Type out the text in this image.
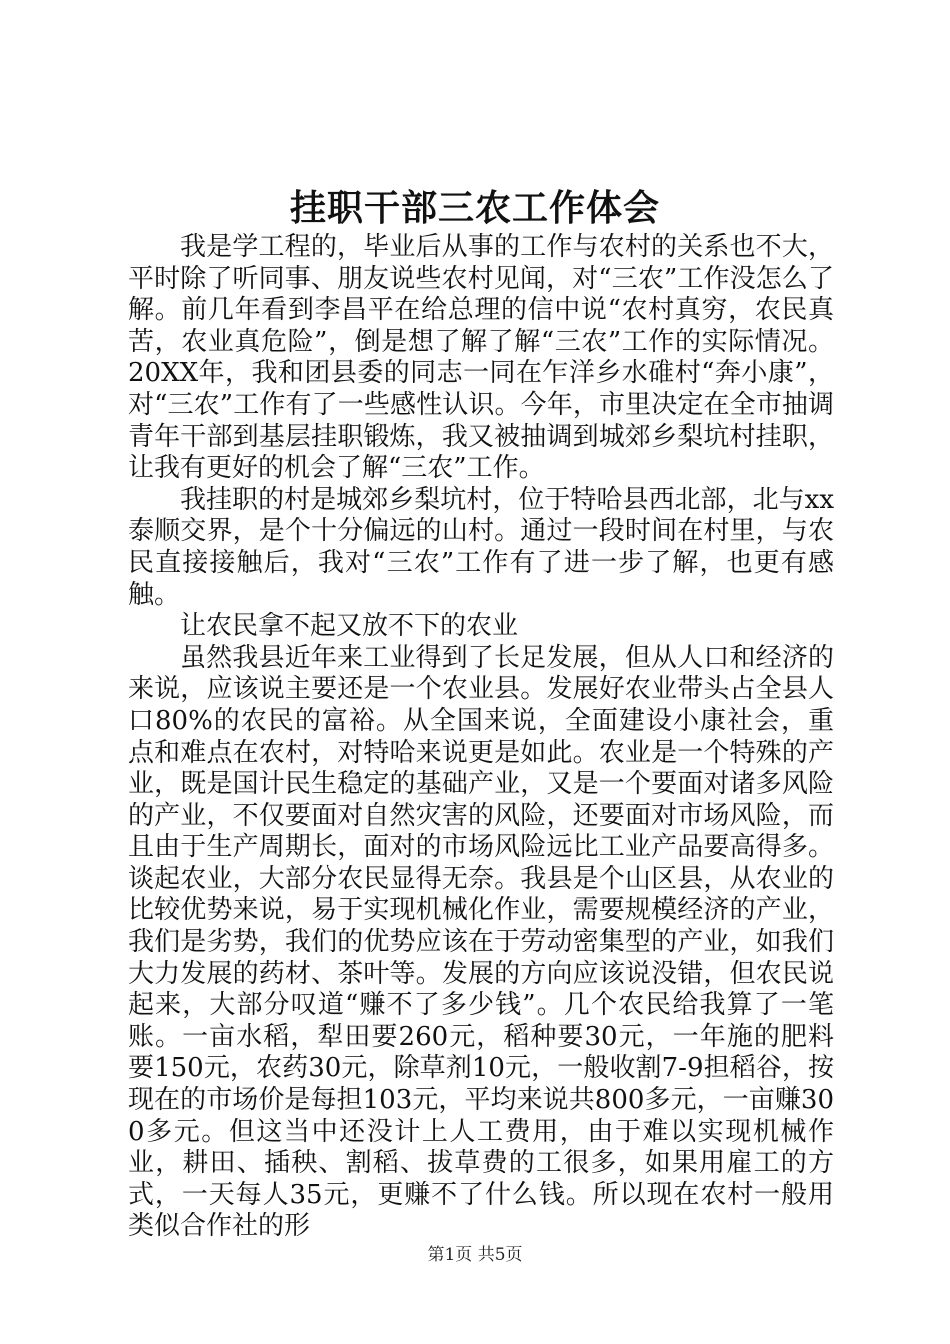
挂职干部三农工作体会

我是学工程的，毕业后从事的工作与农村的关系也不大，平时除了听同事、朋友说些农村见闻，对“三农”工作没怎么了解。前几年看到李昌平在给总理的信中说“农村真穷，农民真苦，农业真危险”，倒是想了解了解“三农”工作的实际情况。20XX年，我和团县委的同志一同在乍洋乡水碓村“奔小康”，对“三农”工作有了一些感性认识。今年，市里决定在全市抽调青年干部到基层挂职锻炼，我又被抽调到城郊乡梨坑村挂职，让我有更好的机会了解“三农”工作。

我挂职的村是城郊乡梨坑村，位于特哈县西北部，北与xx泰顺交界，是个十分偏远的山村。通过一段时间在村里，与农民直接接触后，我对“三农”工作有了进一步了解，也更有感触。

让农民拿不起又放不下的农业

虽然我县近年来工业得到了长足发展，但从人口和经济的来说，应该说主要还是一个农业县。发展好农业带头占全县人口80%的农民的富裕。从全国来说，全面建设小康社会，重点和难点在农村，对特哈来说更是如此。农业是一个特殊的产业，既是国计民生稳定的基础产业，又是一个要面对诸多风险的产业，不仅要面对自然灾害的风险，还要面对市场风险，而且由于生产周期长，面对的市场风险远比工业产品要高得多。谈起农业，大部分农民显得无奈。我县是个山区县，从农业的比较优势来说，易于实现机械化作业，需要规模经济的产业，我们是劣势，我们的优势应该在于劳动密集型的产业，如我们大力发展的药材、茶叶等。发展的方向应该说没错，但农民说起来，大部分叹道“赚不了多少钱”。几个农民给我算了一笔账。一亩水稻，犁田要260元，稻种要30元，一年施的肥料要150元，农药30元，除草剂10元，一般收割7-9担稻谷，按现在的市场价是每担103元，平均来说共800多元，一亩赚300多元。但这当中还没计上人工费用，由于难以实现机械作业，耕田、插秧、割稻、拔草费的工很多，如果用雇工的方式，一天每人35元，更赚不了什么钱。所以现在农村一般用类似合作社的形

第1页 共5页
